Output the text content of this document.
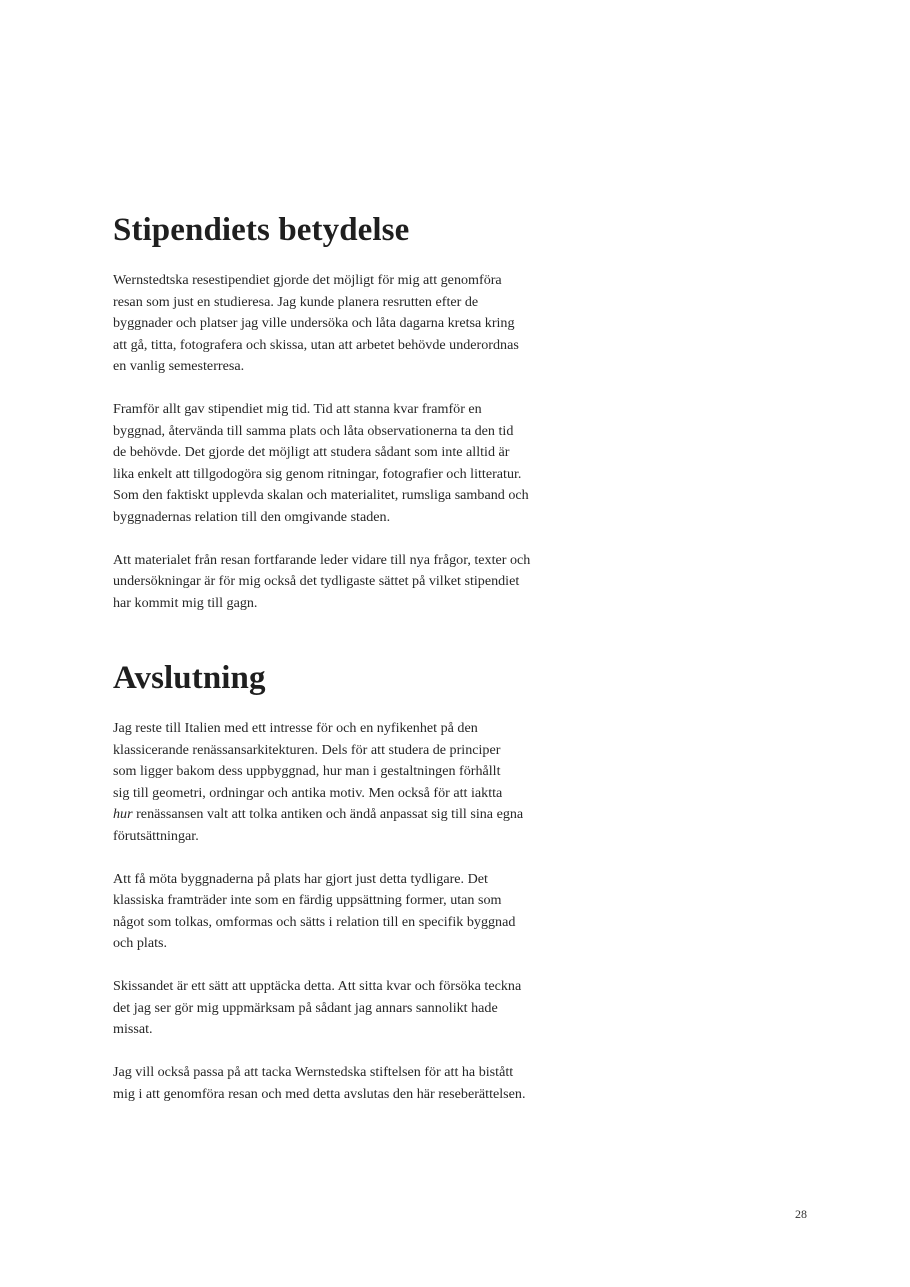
Stipendiets betydelse

Wernstedtska resestipendiet gjorde det möjligt för mig att genomföra
resan som just en studieresa. Jag kunde planera resrutten efter de
byggnader och platser jag ville undersöka och låta dagarna kretsa kring
att gå, titta, fotografera och skissa, utan att arbetet behövde underordnas
en vanlig semesterresa.

Framför allt gav stipendiet mig tid. Tid att stanna kvar framför en
byggnad, återvända till samma plats och låta observationerna ta den tid
de behövde. Det gjorde det möjligt att studera sådant som inte alltid är
lika enkelt att tillgodogöra sig genom ritningar, fotografier och litteratur.
Som den faktiskt upplevda skalan och materialitet, rumsliga samband och
byggnadernas relation till den omgivande staden.

Att materialet från resan fortfarande leder vidare till nya frågor, texter och
undersökningar är för mig också det tydligaste sättet på vilket stipendiet
har kommit mig till gagn.

Avslutning

Jag reste till Italien med ett intresse för och en nyfikenhet på den
klassicerande renässansarkitekturen. Dels för att studera de principer
som ligger bakom dess uppbyggnad, hur man i gestaltningen förhållt
sig till geometri, ordningar och antika motiv. Men också för att iaktta
hur renässansen valt att tolka antiken och ändå anpassat sig till sina egna
förutsättningar.

Att få möta byggnaderna på plats har gjort just detta tydligare. Det
klassiska framträder inte som en färdig uppsättning former, utan som
något som tolkas, omformas och sätts i relation till en specifik byggnad
och plats.

Skissandet är ett sätt att upptäcka detta. Att sitta kvar och försöka teckna
det jag ser gör mig uppmärksam på sådant jag annars sannolikt hade
missat.

Jag vill också passa på att tacka Wernstedska stiftelsen för att ha bistått
mig i att genomföra resan och med detta avslutas den här reseberättelsen.

28
